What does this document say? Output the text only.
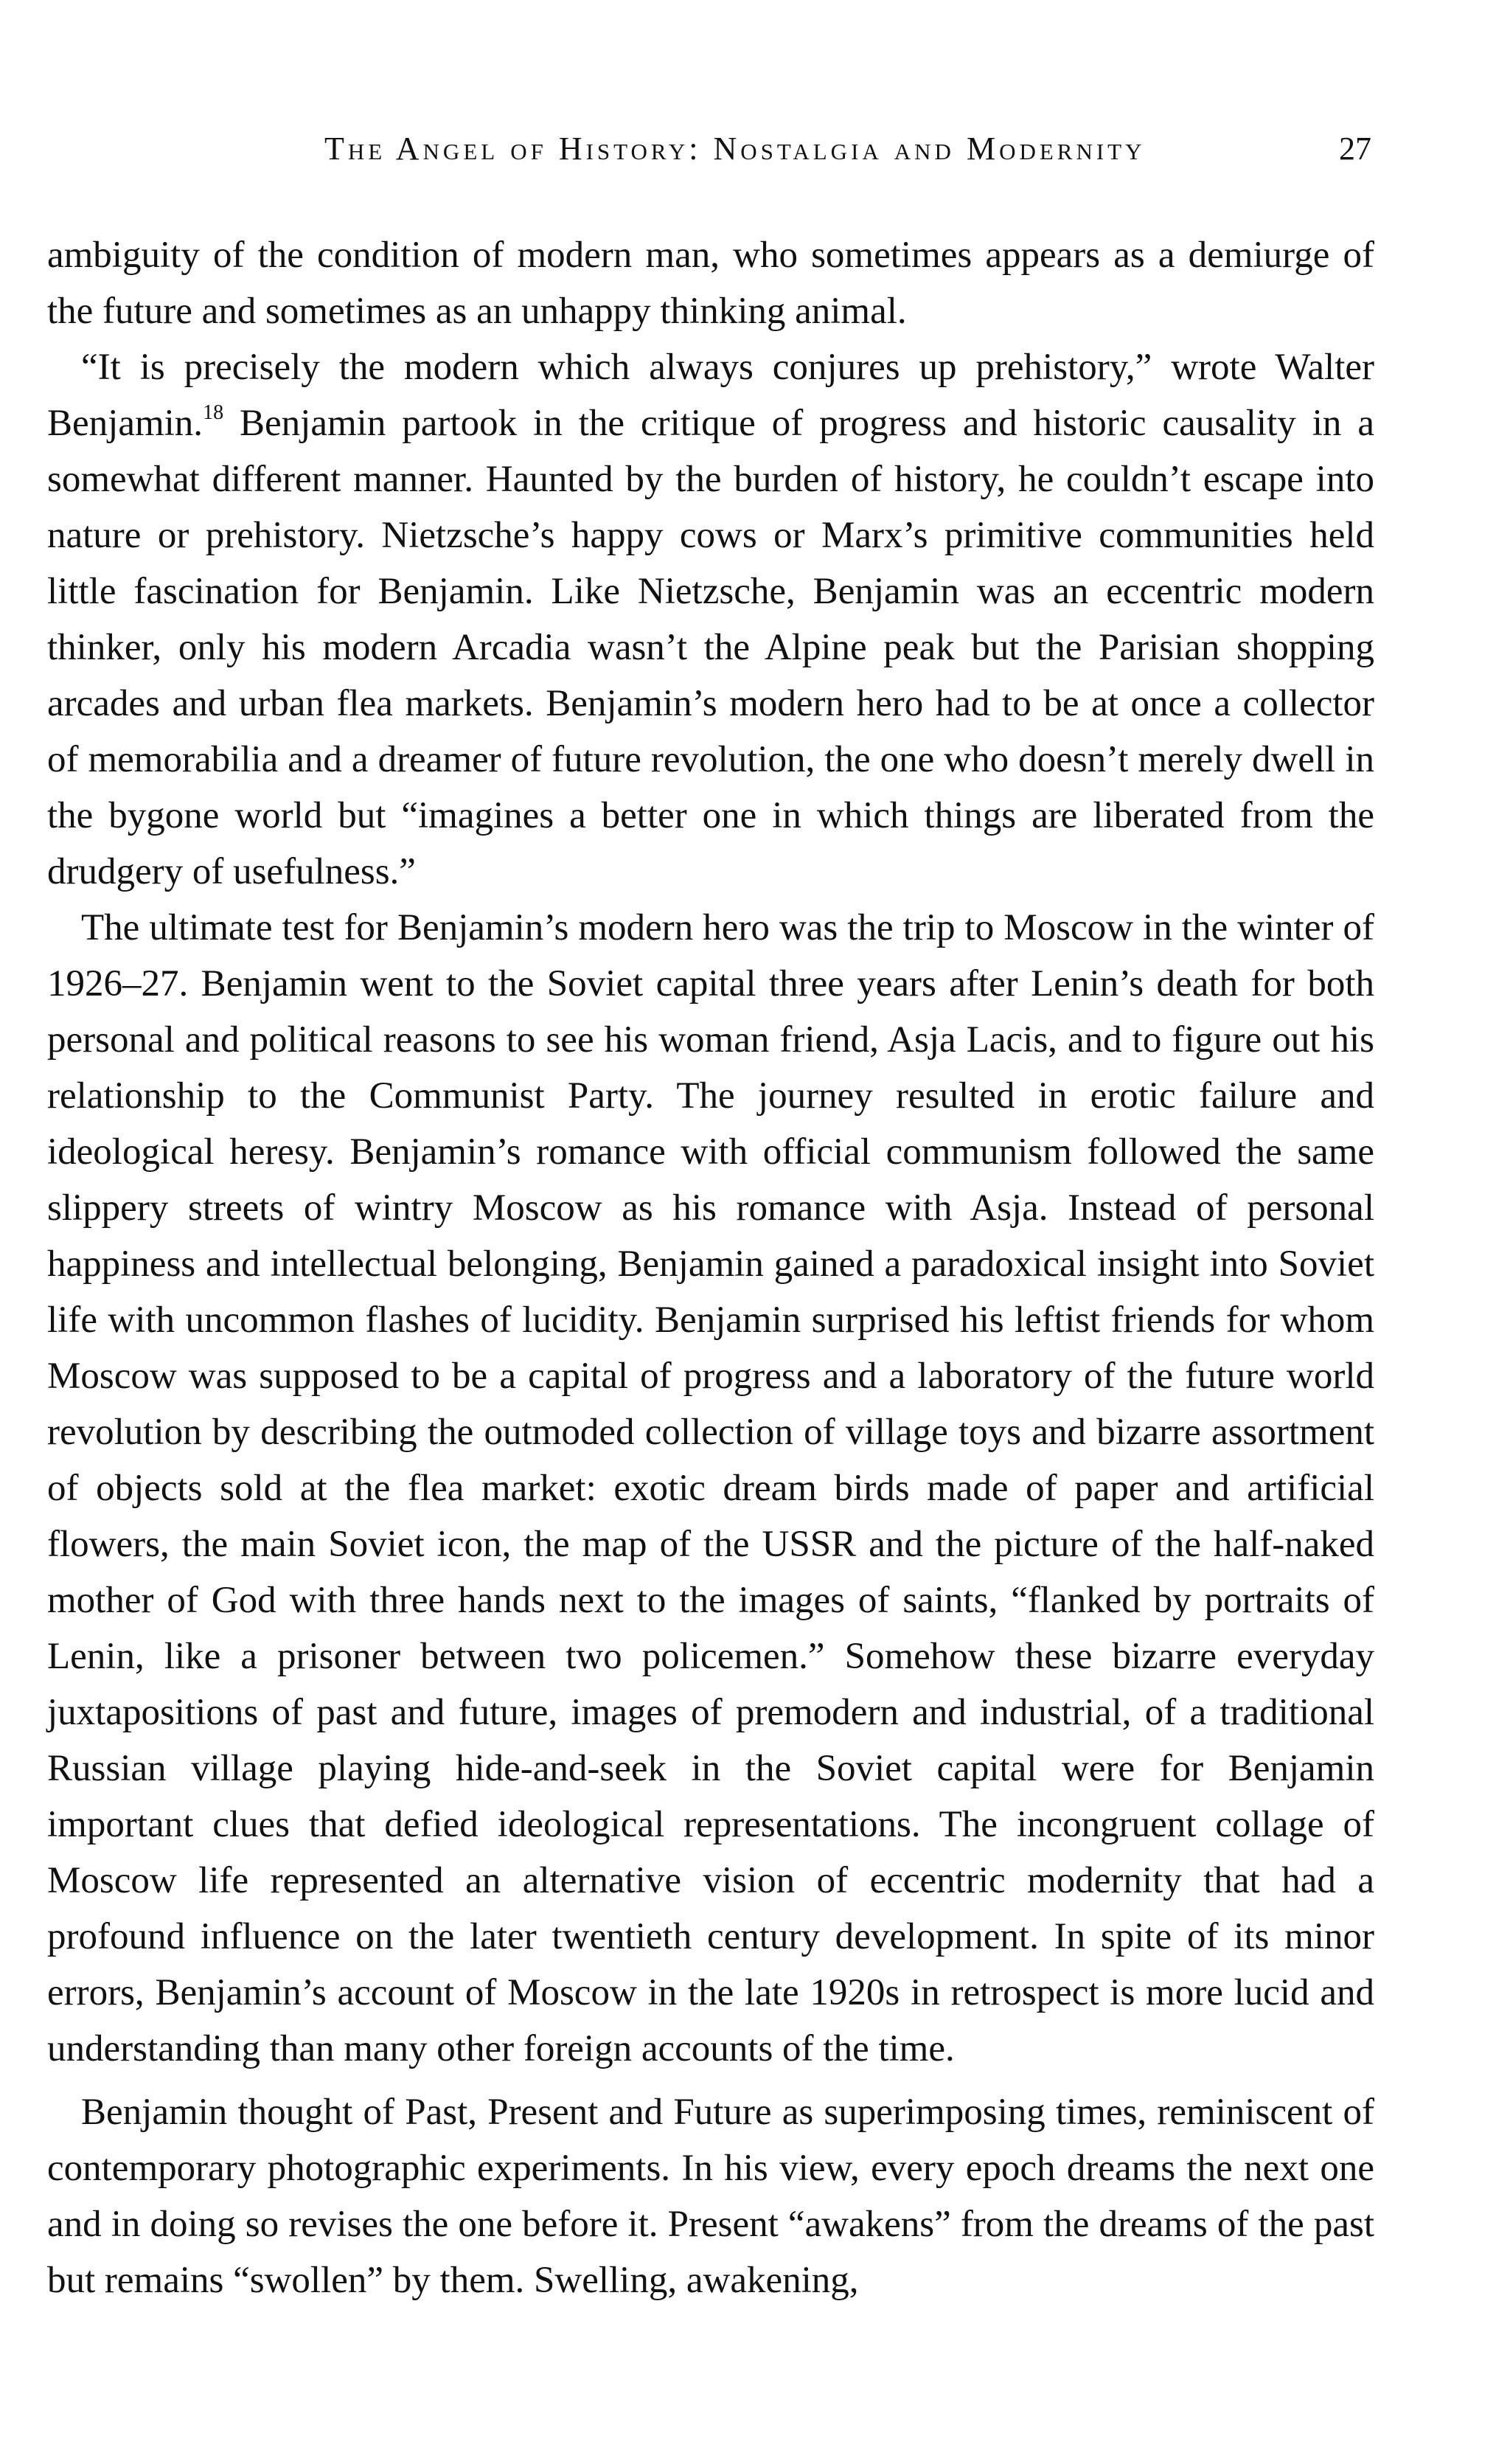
The Angel of History: Nostalgia and Modernity	27

ambiguity of the condition of modern man, who sometimes appears as a demiurge of the future and sometimes as an unhappy thinking animal.

“It is precisely the modern which always conjures up prehistory,” wrote Walter Benjamin.$^{18}$ Benjamin partook in the critique of progress and historic causality in a somewhat different manner. Haunted by the burden of history, he couldn’t escape into nature or prehistory. Nietzsche’s happy cows or Marx’s primitive communities held little fascination for Benjamin. Like Nietzsche, Benjamin was an eccentric modern thinker, only his modern Arcadia wasn’t the Alpine peak but the Parisian shopping arcades and urban flea markets. Benjamin’s modern hero had to be at once a collector of memorabilia and a dreamer of future revolution, the one who doesn’t merely dwell in the bygone world but “imagines a better one in which things are liberated from the drudgery of usefulness.”

The ultimate test for Benjamin’s modern hero was the trip to Moscow in the winter of 1926–27. Benjamin went to the Soviet capital three years after Lenin’s death for both personal and political reasons to see his woman friend, Asja Lacis, and to figure out his relationship to the Communist Party. The journey resulted in erotic failure and ideological heresy. Benjamin’s romance with official communism followed the same slippery streets of wintry Moscow as his romance with Asja. Instead of personal happiness and intellectual belonging, Benjamin gained a paradoxical insight into Soviet life with uncommon flashes of lucidity. Benjamin surprised his leftist friends for whom Moscow was supposed to be a capital of progress and a laboratory of the future world revolution by describing the outmoded collection of village toys and bizarre assortment of objects sold at the flea market: exotic dream birds made of paper and artificial flowers, the main Soviet icon, the map of the USSR and the picture of the half-naked mother of God with three hands next to the images of saints, “flanked by portraits of Lenin, like a prisoner between two policemen.” Somehow these bizarre everyday juxtapositions of past and future, images of premodern and industrial, of a traditional Russian village playing hide-and-seek in the Soviet capital were for Benjamin important clues that defied ideological representations. The incongruent collage of Moscow life represented an alternative vision of eccentric modernity that had a profound influence on the later twentieth century development. In spite of its minor errors, Benjamin’s account of Moscow in the late 1920s in retrospect is more lucid and understanding than many other foreign accounts of the time.

Benjamin thought of Past, Present and Future as superimposing times, reminiscent of contemporary photographic experiments. In his view, every epoch dreams the next one and in doing so revises the one before it. Present “awakens” from the dreams of the past but remains “swollen” by them. Swelling, awakening,
